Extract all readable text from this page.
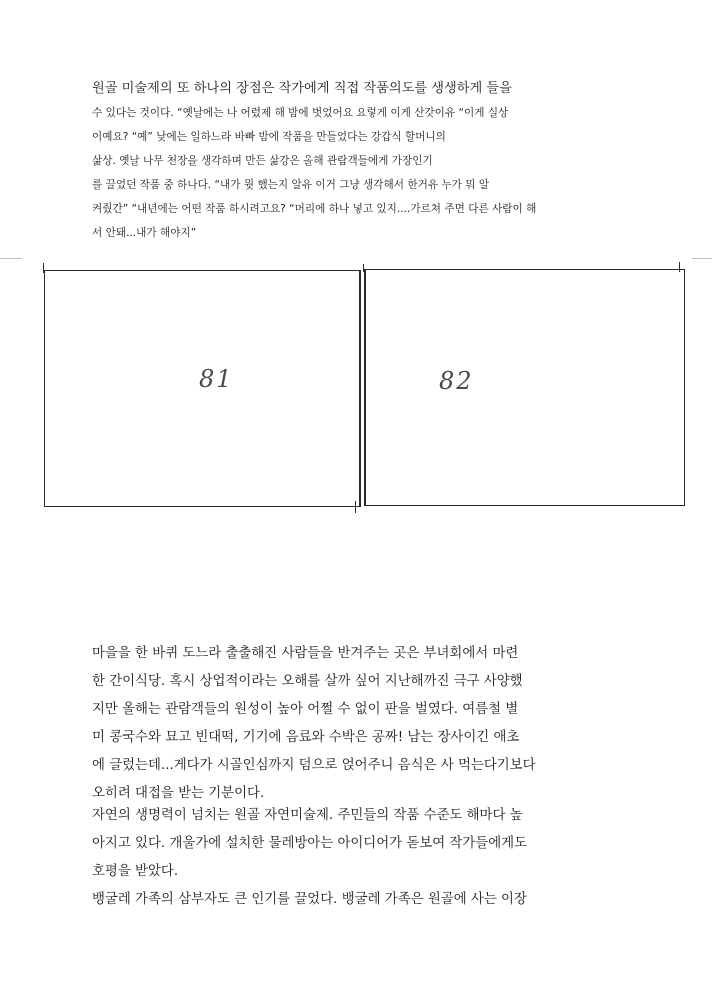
원골 미술제의 또 하나의 장점은 작가에게 직접 작품의도를 생생하게 들을
수 있다는 것이다. “옛날에는 나 어렸제 해 밤에 벗었어요 요렇게 이게 산갓이유 “이게 실상
이예요? “예” 낮에는 일하느라 바빠 밤에 작품을 만들었다는 강갑식 할머니의
삶상. 옛날 나무 천장을 생각하며 만든 삶강은 올해 관람객들에게 가장인기
를 끌었던 작품 중 하나다. “내가 뭣 했는지 알유 이거 그냥 생각해서 한거유 누가 뭐 알
켜줬간” “내년에는 어떤 작품 하시려고요? “머리에 하나 넣고 있지....가르쳐 주면 다른 사람이 해
서 안돼...내가 해야지”
81	82
마을을 한 바퀴 도느라 출출해진 사람들을 반겨주는 곳은 부녀회에서 마련
한 간이식당. 혹시 상업적이라는 오해를 살까 싶어 지난해까진 극구 사양했
지만 올해는 관람객들의 원성이 높아 어쩔 수 없이 판을 벌였다. 여름철 별
미 콩국수와 묘고 빈대떡, 기기에 음료와 수박은 공짜! 남는 장사이긴 애초
에 글렀는데...게다가 시골인심까지 덤으로 얹어주니 음식은 사 먹는다기보다
오히려 대접을 받는 기분이다.
자연의 생명력이 넘치는 원골 자연미술제. 주민들의 작품 수준도 해마다 높
아지고 있다. 개울가에 설치한 물레방아는 아이디어가 돋보여 작가들에게도
호평을 받았다.
뱅굴레 가족의 삼부자도 큰 인기를 끌었다. 뱅굴레 가족은 원골에 사는 이장
